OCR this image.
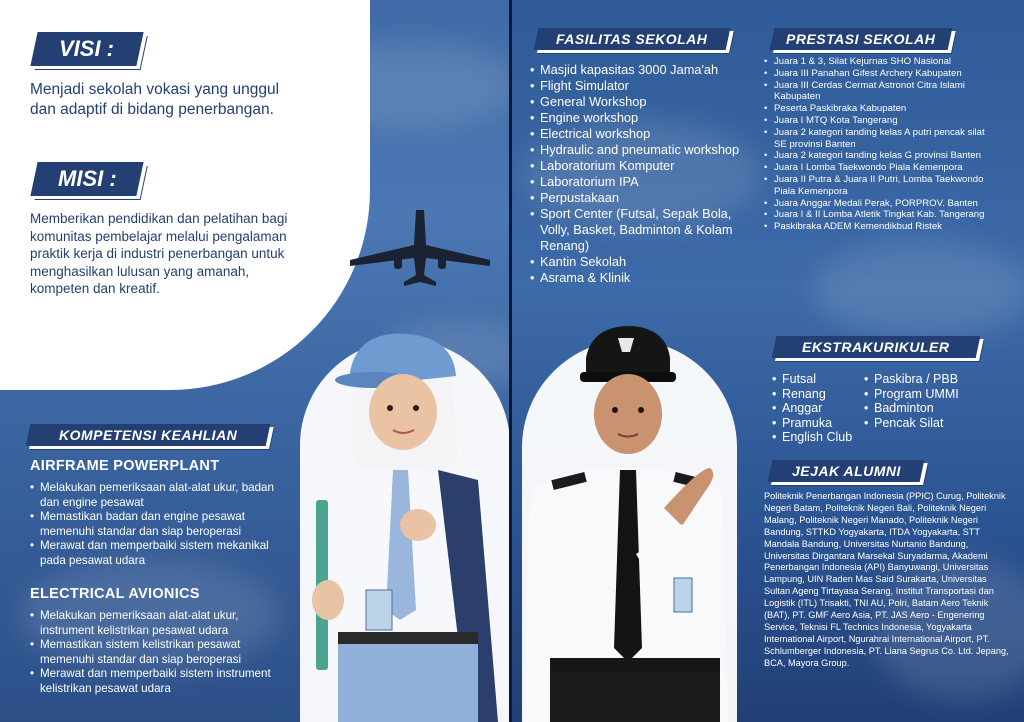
VISI :

Menjadi sekolah vokasi yang unggul dan adaptif di bidang penerbangan.

MISI :

Memberikan pendidikan dan pelatihan bagi komunitas pembelajar melalui pengalaman praktik kerja di industri penerbangan untuk menghasilkan lulusan yang amanah, kompeten dan kreatif.

KOMPETENSI KEAHLIAN
AIRFRAME POWERPLANT
• Melakukan pemeriksaan alat-alat ukur, badan dan engine pesawat
• Memastikan badan dan engine pesawat memenuhi standar dan siap beroperasi
• Merawat dan memperbaiki sistem mekanikal pada pesawat udara
ELECTRICAL AVIONICS
• Melakukan pemeriksaan alat-alat ukur, instrument kelistrikan pesawat udara
• Memastikan sistem kelistrikan pesawat memenuhi standar dan siap beroperasi
• Merawat dan memperbaiki sistem instrument kelistrikan pesawat udara
FASILITAS SEKOLAH
• Masjid kapasitas 3000 Jama'ah
• Flight Simulator
• General Workshop
• Engine workshop
• Electrical workshop
• Hydraulic and pneumatic workshop
• Laboratorium Komputer
• Laboratorium IPA
• Perpustakaan
• Sport Center (Futsal, Sepak Bola, Volly, Basket, Badminton & Kolam Renang)
• Kantin Sekolah
• Asrama & Klinik
PRESTASI SEKOLAH
• Juara 1 & 3, Silat Kejurnas SHO Nasional
• Juara III Panahan Gifest Archery Kabupaten
• Juara III Cerdas Cermat Astronot Citra Islami Kabupaten
• Peserta Paskibraka Kabupaten
• Juara I MTQ Kota Tangerang
• Juara 2 kategori tanding kelas A putri pencak silat SE provinsi Banten
• Juara 2 kategori tanding kelas G provinsi Banten
• Juara I Lomba Taekwondo Piala Kemenpora
• Juara II Putra & Juara II Putri, Lomba Taekwondo Piala Kemenpora
• Juara Anggar Medali Perak, PORPROV. Banten
• Juara I & II Lomba Atletik Tingkat Kab. Tangerang
• Paskibraka ADEM Kemendikbud Ristek
EKSTRAKURIKULER
• Futsal
• Renang
• Anggar
• Pramuka
• English Club
• Paskibra / PBB
• Program UMMI
• Badminton
• Pencak Silat
JEJAK ALUMNI

Politeknik Penerbangan Indonesia (PPIC) Curug, Politeknik Negeri Batam, Politeknik Negeri Bali, Politeknik Negeri Malang, Politeknik Negeri Manado, Politeknik Negeri Bandung, STTKD Yogyakarta, ITDA Yogyakarta, STT Mandala Bandung, Universitas Nurtanio Bandung, Universitas Dirgantara Marsekal Suryadarma, Akademi Penerbangan Indonesia (API) Banyuwangi, Universitas Lampung, UIN Raden Mas Said Surakarta, Universitas Sultan Ageng Tirtayasa Serang, Institut Transportasi dan Logistik (ITL) Trisakti, TNI AU, Polri, Batam Aero Teknik (BAT), PT. GMF Aero Asia, PT. JAS Aero - Engenering Service, Teknisi FL Technics Indonesia, Yogyakarta International Airport, Ngurahrai International Airport, PT. Schlumberger Indonesia, PT. Liana Segrus Co. Ltd. Jepang, BCA, Mayora Group.
